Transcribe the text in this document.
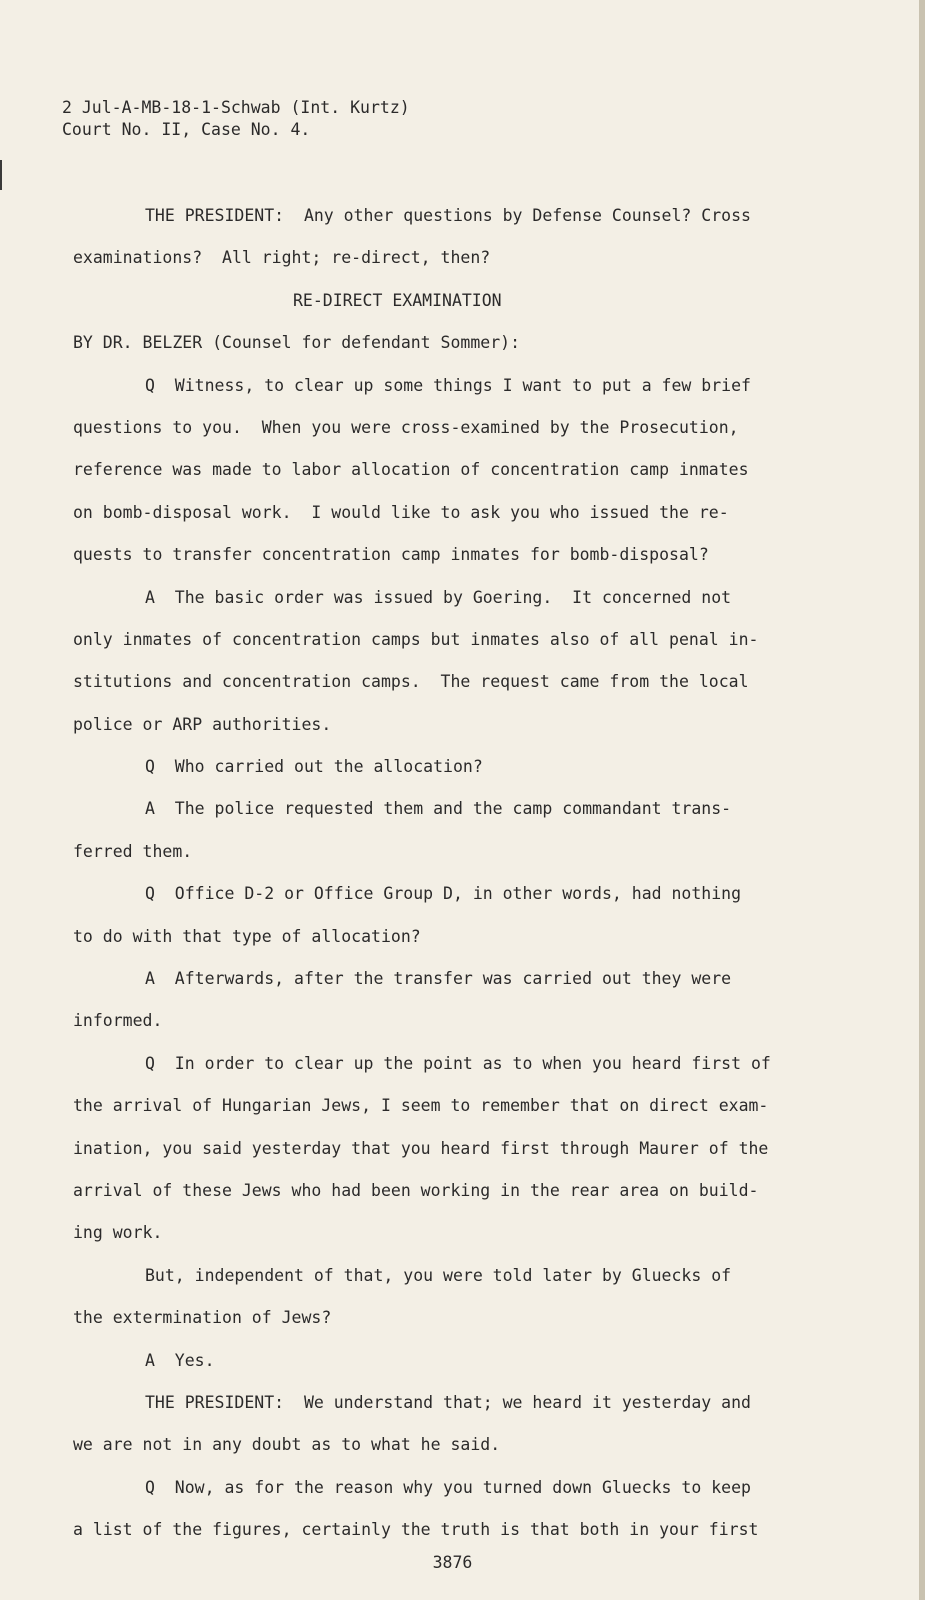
2 Jul-A-MB-18-1-Schwab (Int. Kurtz)
Court No. II, Case No. 4.
THE PRESIDENT:  Any other questions by Defense Counsel? Cross
examinations?  All right; re-direct, then?
RE-DIRECT EXAMINATION
BY DR. BELZER (Counsel for defendant Sommer):
Q  Witness, to clear up some things I want to put a few brief
questions to you.  When you were cross-examined by the Prosecution,
reference was made to labor allocation of concentration camp inmates
on bomb-disposal work.  I would like to ask you who issued the re-
quests to transfer concentration camp inmates for bomb-disposal?
A  The basic order was issued by Goering.  It concerned not
only inmates of concentration camps but inmates also of all penal in-
stitutions and concentration camps.  The request came from the local
police or ARP authorities.
Q  Who carried out the allocation?
A  The police requested them and the camp commandant trans-
ferred them.
Q  Office D-2 or Office Group D, in other words, had nothing
to do with that type of allocation?
A  Afterwards, after the transfer was carried out they were
informed.
Q  In order to clear up the point as to when you heard first of
the arrival of Hungarian Jews, I seem to remember that on direct exam-
ination, you said yesterday that you heard first through Maurer of the
arrival of these Jews who had been working in the rear area on build-
ing work.
But, independent of that, you were told later by Gluecks of
the extermination of Jews?
A  Yes.
THE PRESIDENT:  We understand that; we heard it yesterday and
we are not in any doubt as to what he said.
Q  Now, as for the reason why you turned down Gluecks to keep
a list of the figures, certainly the truth is that both in your first
3876
